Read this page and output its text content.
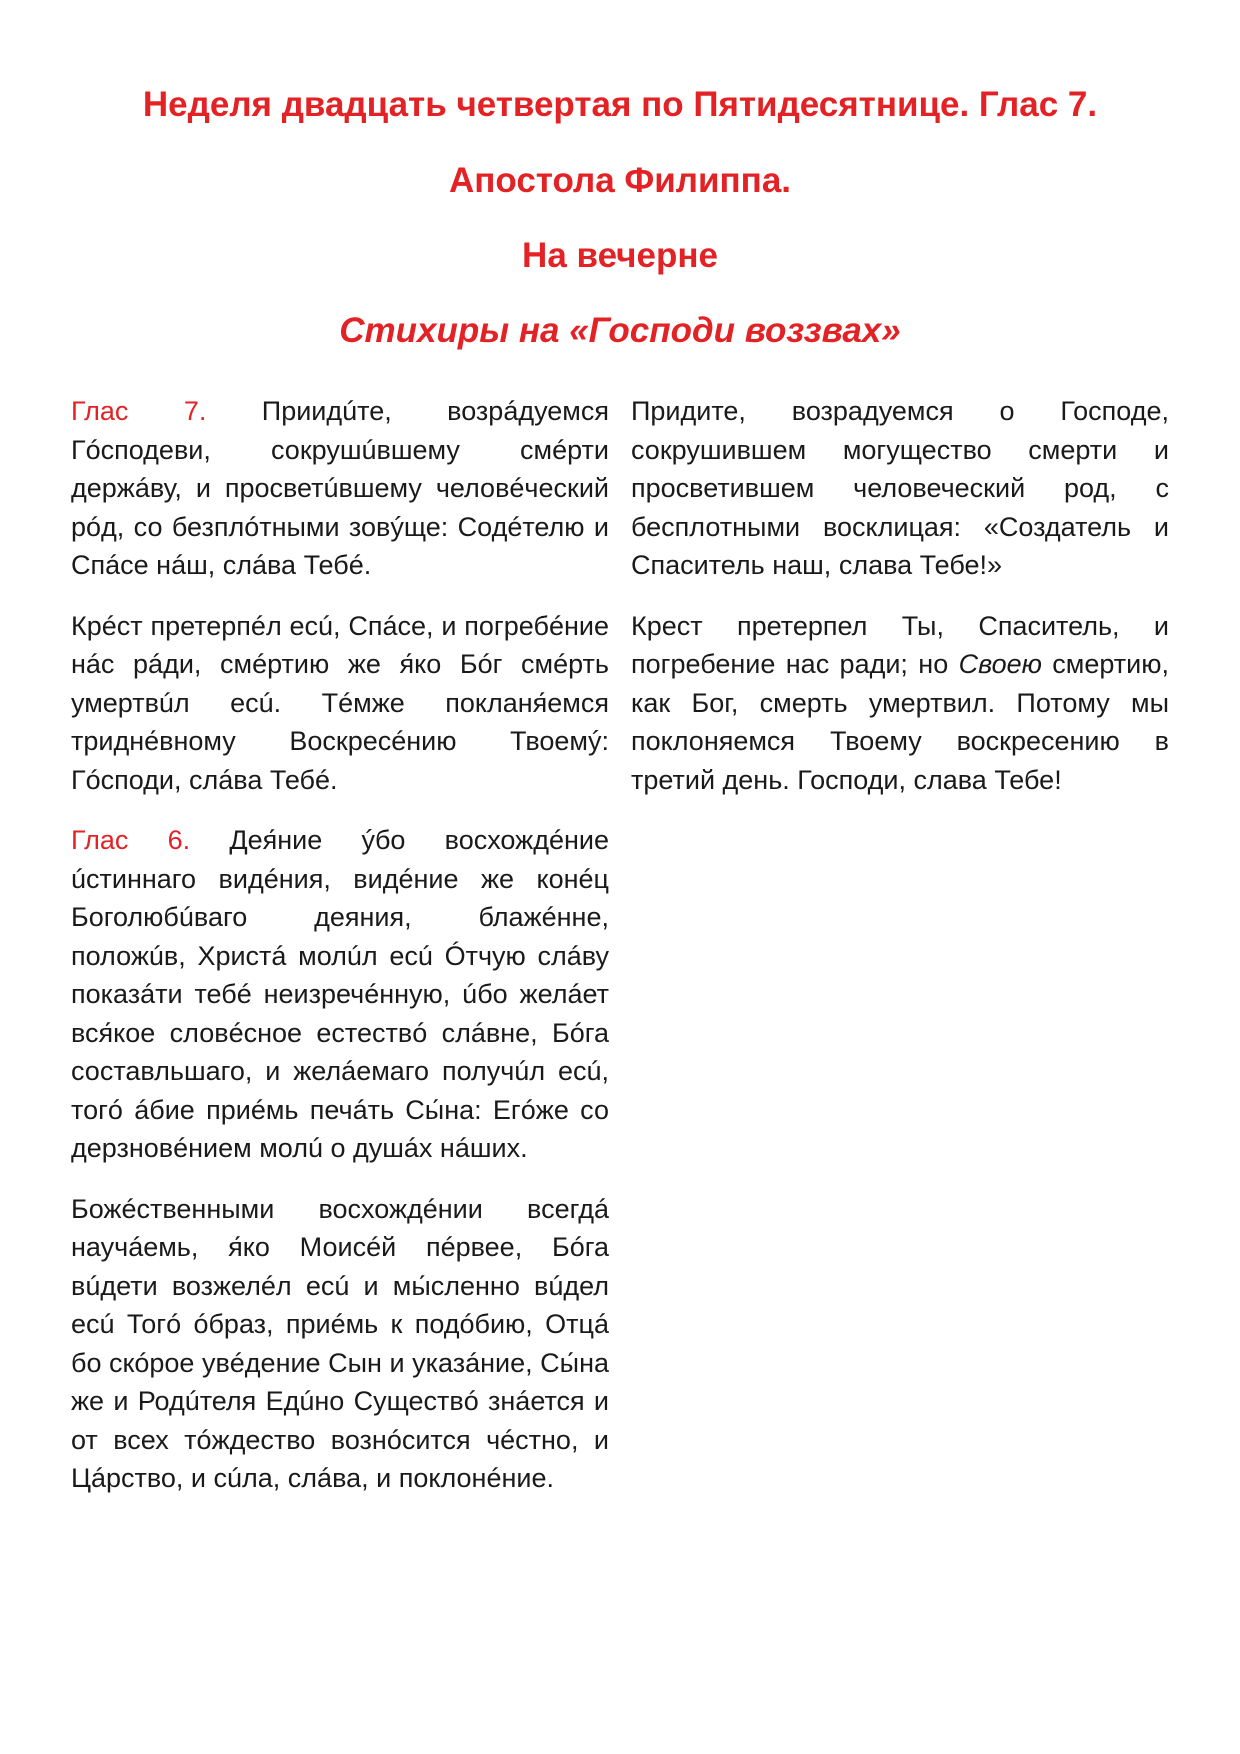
Неделя двадцать четвертая по Пятидесятнице. Глас 7.
Апостола Филиппа.
На вечерне
Стихиры на «Господи воззвах»

Глас 7. Приидúте, возрáдуемся Гóсподеви, сокрушúвшему смéрти держáву, и просветúвшему человéческий рóд, со безплóтными зовýще: Содéтелю и Спáсе нáш, слáва Тебé.

Крéст претерпéл есú, Спáсе, и погребéние нáс рáди, смéртию же я́ко Бóг смéрть умертвúл есú. Тéмже покланя́емся тридне́вному Воскресéнию Твоемý: Гóсподи, слáва Тебé.

Глас 6. Дея́ние ýбо восхождéние úстиннаго видéния, видéние же конéц Боголюбúваго деяния, блажéнне, положúв, Христá молúл есú Óтчую слáву показáти тебé неизречéнную, úбо желáет вся́кое словéсное естествó слáвне, Бóга составльшаго, и желáемаго получúл есú, тогó áбие приéмь печáть Сы́на: Егóже со дерзновéнием молú о душáх нáших.

Божéственными восхождéнии всегдá научáемь, я́ко Моисéй пéрвее, Бóга вúдети возжелéл есú и мы́сленно вúдел есú Тогó óбраз, приéмь к подóбию, Отцá бо скóрое увéдение Сын и указáние, Сы́на же и Родúтеля Едúно Существó знáется и от всех тóждество вознóсится чéстно, и Цáрство, и сúла, слáва, и поклонéние.

Придите, возрадуемся о Господе, сокрушившем могущество смерти и просветившем человеческий род, с бесплотными восклицая: «Создатель и Спаситель наш, слава Тебе!»

Крест претерпел Ты, Спаситель, и погребение нас ради; но Своею смертию, как Бог, смерть умертвил. Потому мы поклоняемся Твоему воскресению в третий день. Господи, слава Тебе!
